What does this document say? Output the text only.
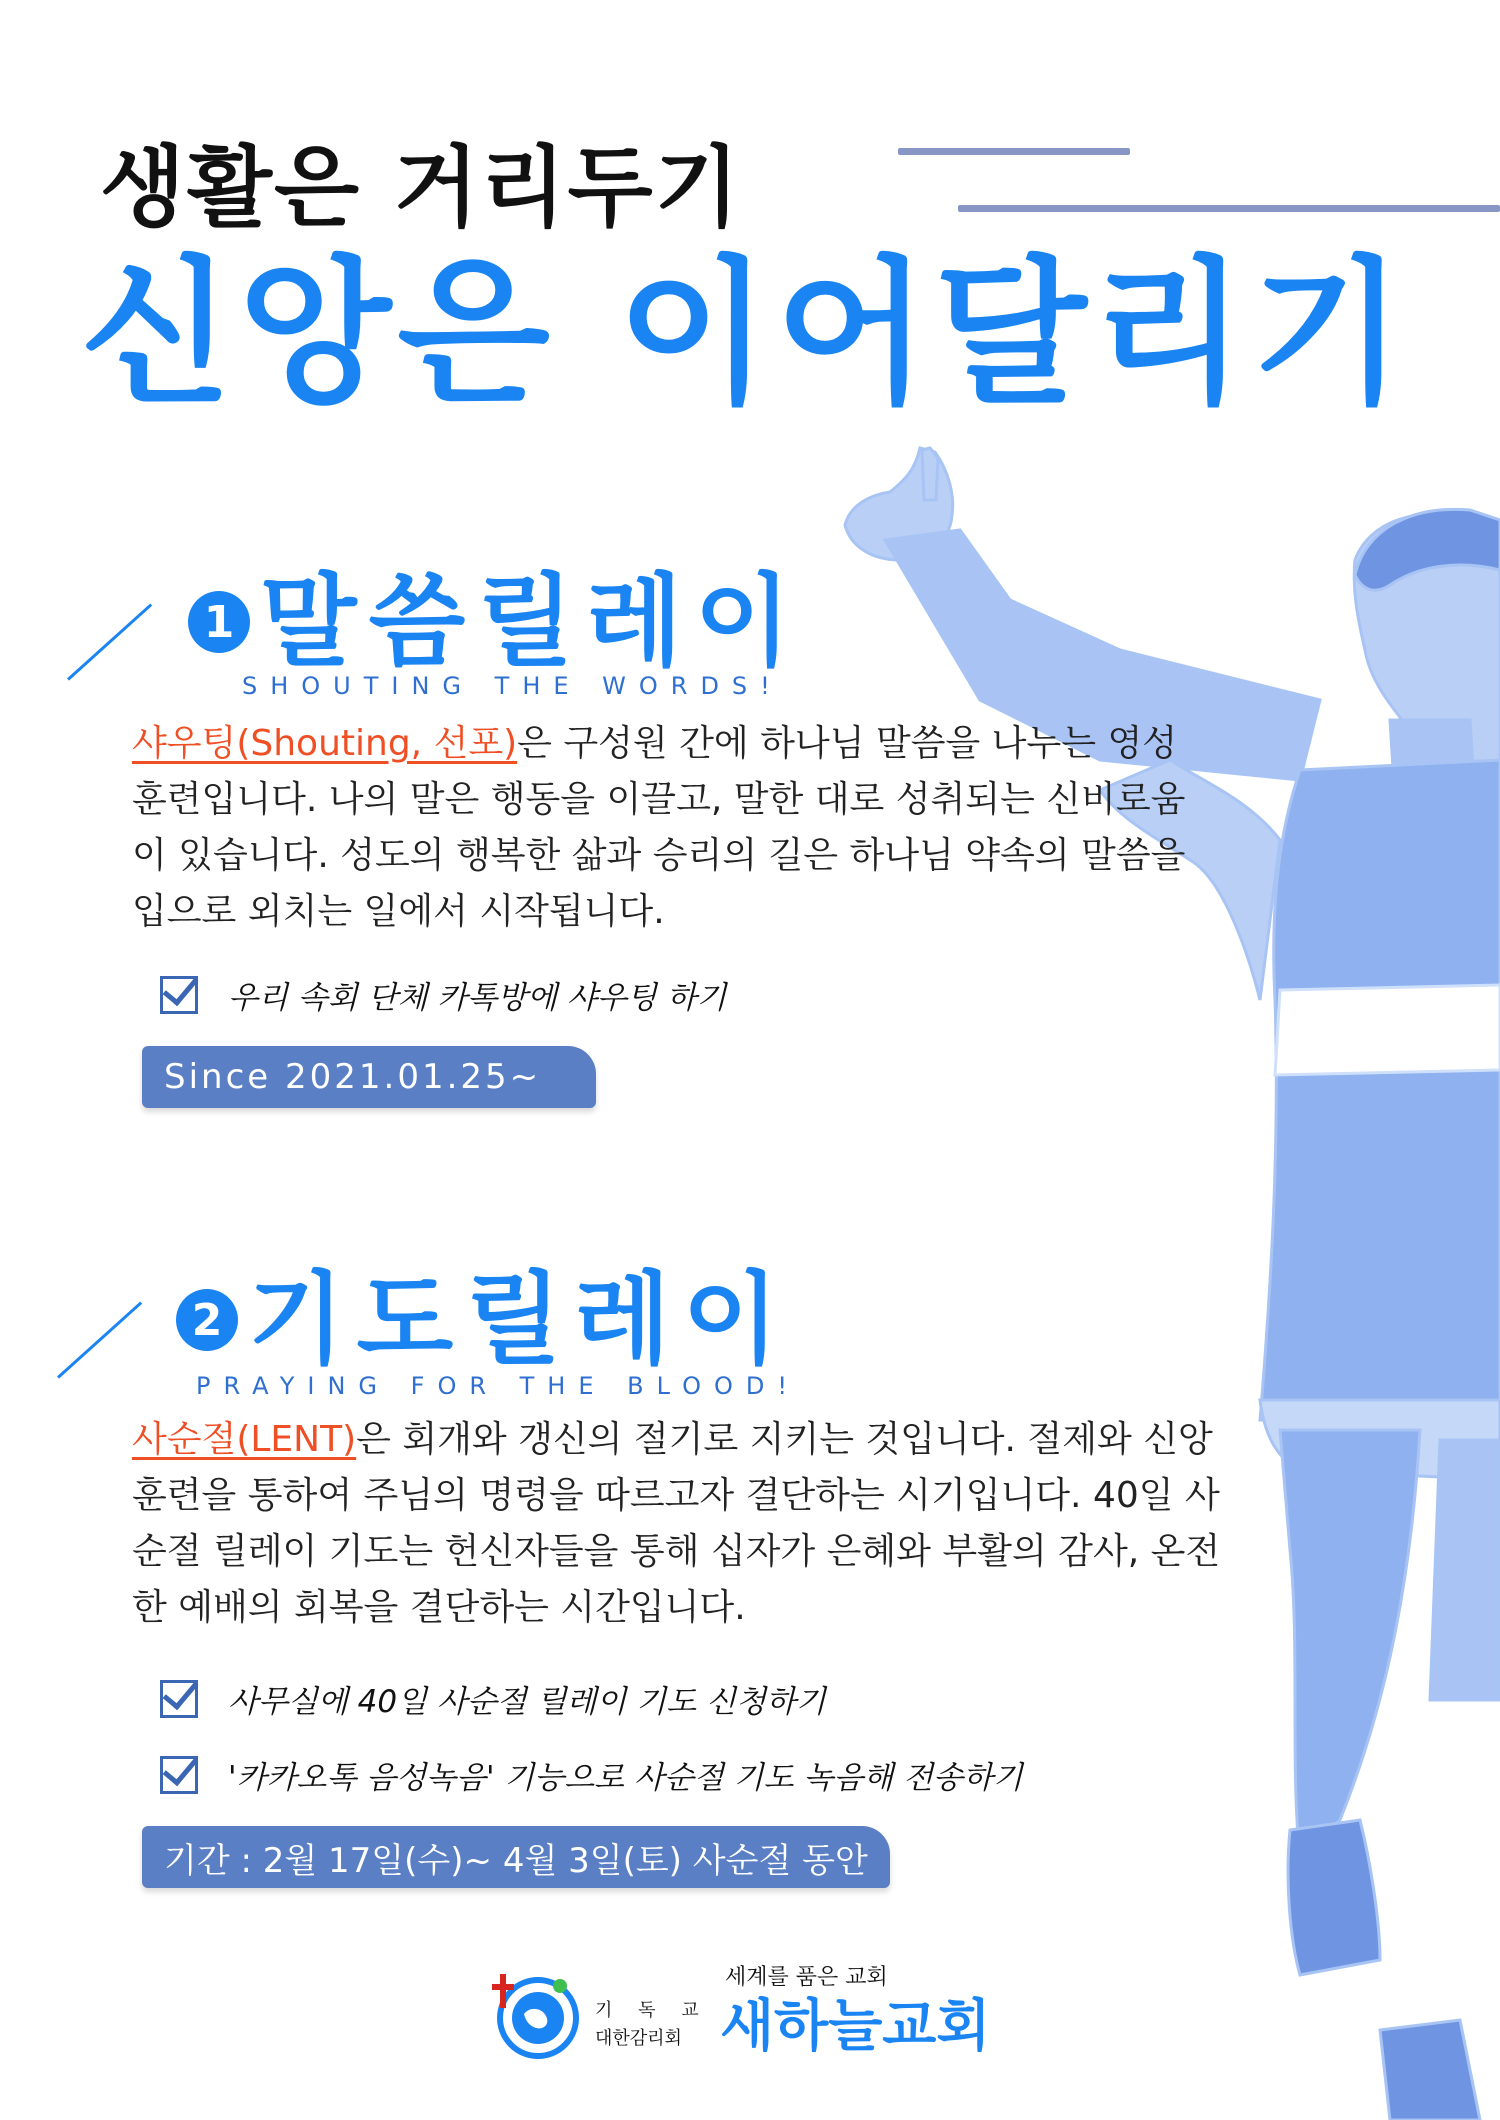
생활은 거리두기
신앙은 이어달리기
1 말씀릴레이
SHOUTING THE WORDS!
샤우팅(Shouting, 선포)은 구성원 간에 하나님 말씀을 나누는 영성 훈련입니다. 나의 말은 행동을 이끌고, 말한 대로 성취되는 신비로움이 있습니다. 성도의 행복한 삶과 승리의 길은 하나님 약속의 말씀을 입으로 외치는 일에서 시작됩니다.
우리 속회 단체 카톡방에 샤우팅 하기
Since 2021.01.25~
2 기도릴레이
PRAYING FOR THE BLOOD!
사순절(LENT)은 회개와 갱신의 절기로 지키는 것입니다. 절제와 신앙훈련을 통하여 주님의 명령을 따르고자 결단하는 시기입니다. 40일 사순절 릴레이 기도는 헌신자들을 통해 십자가 은혜와 부활의 감사, 온전한 예배의 회복을 결단하는 시간입니다.
사무실에 40일 사순절 릴레이 기도 신청하기
'카카오톡 음성녹음' 기능으로 사순절 기도 녹음해 전송하기
기간 : 2월 17일(수)~ 4월 3일(토) 사순절 동안
세계를 품은 교회
기 독 교
대한감리회 새하늘교회
